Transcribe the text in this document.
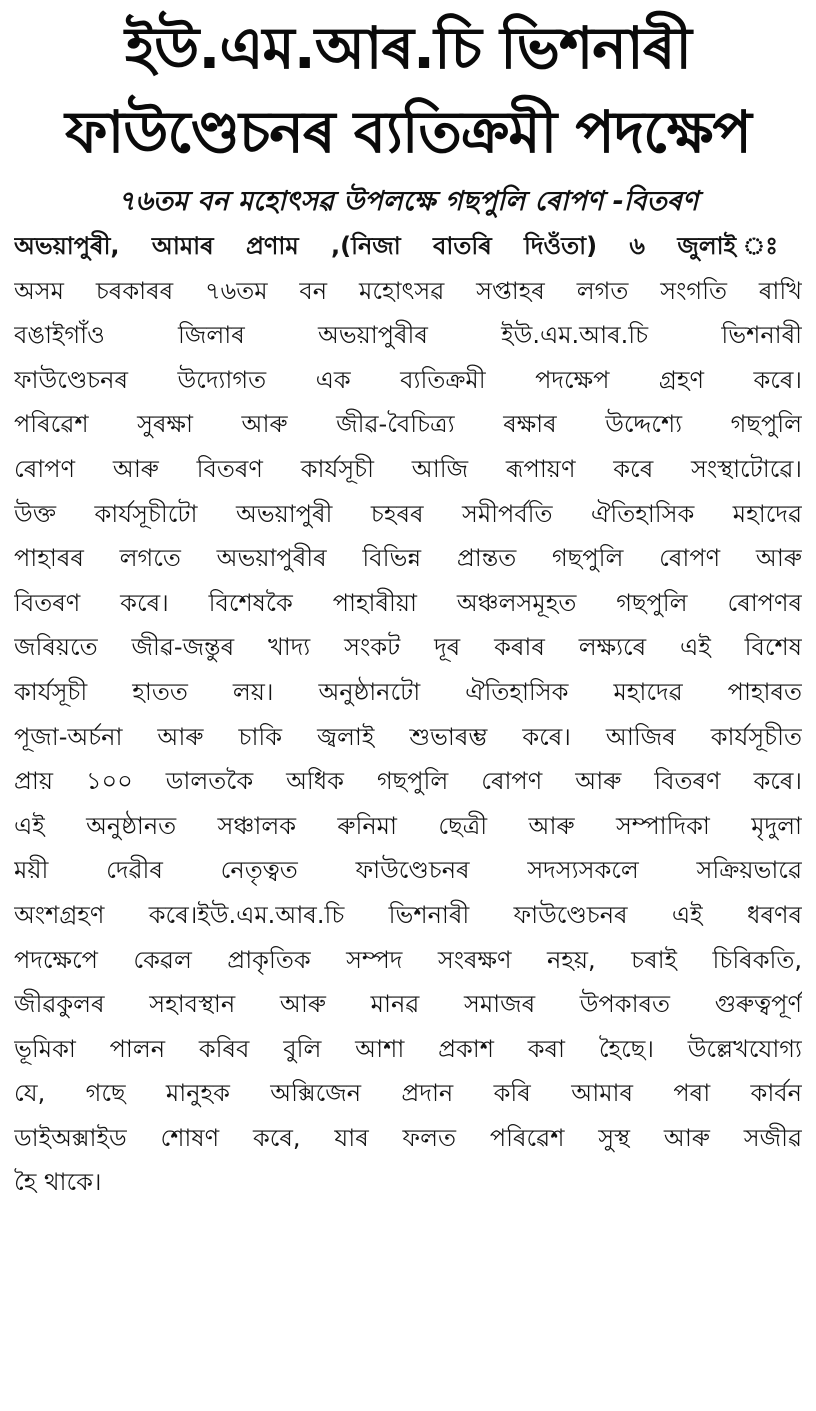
ইউ.এম.আৰ.চি ভিশনাৰী
ফাউণ্ডেচনৰ ব্যতিক্ৰমী পদক্ষেপ
৭৬তম বন মহোৎসৱ উপলক্ষে গছপুলি ৰোপণ -বিতৰণ
অভয়াপুৰী, আমাৰ প্ৰণাম ,(নিজা বাতৰি দিওঁতা) ৬ জুলাই ঃ
অসম চৰকাৰৰ ৭৬তম বন মহোৎসৱ সপ্তাহৰ লগত সংগতি ৰাখি
বঙাইগাঁও জিলাৰ অভয়াপুৰীৰ ইউ.এম.আৰ.চি ভিশনাৰী
ফাউণ্ডেচনৰ উদ্যোগত এক ব্যতিক্ৰমী পদক্ষেপ গ্ৰহণ কৰে।
পৰিৱেশ সুৰক্ষা আৰু জীৱ-বৈচিত্ৰ্য ৰক্ষাৰ উদ্দেশ্যে গছপুলি
ৰোপণ আৰু বিতৰণ কাৰ্যসূচী আজি ৰূপায়ণ কৰে সংস্থাটোৱে।
উক্ত কাৰ্যসূচীটো অভয়াপুৰী চহৰৰ সমীপৰ্বতি ঐতিহাসিক মহাদেৱ
পাহাৰৰ লগতে অভয়াপুৰীৰ বিভিন্ন প্ৰান্তত গছপুলি ৰোপণ আৰু
বিতৰণ কৰে। বিশেষকৈ পাহাৰীয়া অঞ্চলসমূহত গছপুলি ৰোপণৰ
জৰিয়তে জীৱ-জন্তুৰ খাদ্য সংকট দূৰ কৰাৰ লক্ষ্যৰে এই বিশেষ
কাৰ্যসূচী হাতত লয়। অনুষ্ঠানটো ঐতিহাসিক মহাদেৱ পাহাৰত
পূজা-অৰ্চনা আৰু চাকি জ্বলাই শুভাৰম্ভ কৰে। আজিৰ কাৰ্যসূচীত
প্ৰায় ১০০ ডালতকৈ অধিক গছপুলি ৰোপণ আৰু বিতৰণ কৰে।
এই অনুষ্ঠানত সঞ্চালক ৰুনিমা ছেত্ৰী আৰু সম্পাদিকা মৃদুলা
ময়ী দেৱীৰ নেতৃত্বত ফাউণ্ডেচনৰ সদস্যসকলে সক্ৰিয়ভাৱে
অংশগ্ৰহণ কৰে।ইউ.এম.আৰ.চি ভিশনাৰী ফাউণ্ডেচনৰ এই ধৰণৰ
পদক্ষেপে কেৱল প্ৰাকৃতিক সম্পদ সংৰক্ষণ নহয়, চৰাই চিৰিকতি,
জীৱকুলৰ সহাবস্থান আৰু মানৱ সমাজৰ উপকাৰত গুৰুত্বপূৰ্ণ
ভূমিকা পালন কৰিব বুলি আশা প্ৰকাশ কৰা হৈছে। উল্লেখযোগ্য
যে, গছে মানুহক অক্সিজেন প্ৰদান কৰি আমাৰ পৰা কাৰ্বন
ডাইঅক্সাইড শোষণ কৰে, যাৰ ফলত পৰিৱেশ সুস্থ আৰু সজীৱ
হৈ থাকে।
